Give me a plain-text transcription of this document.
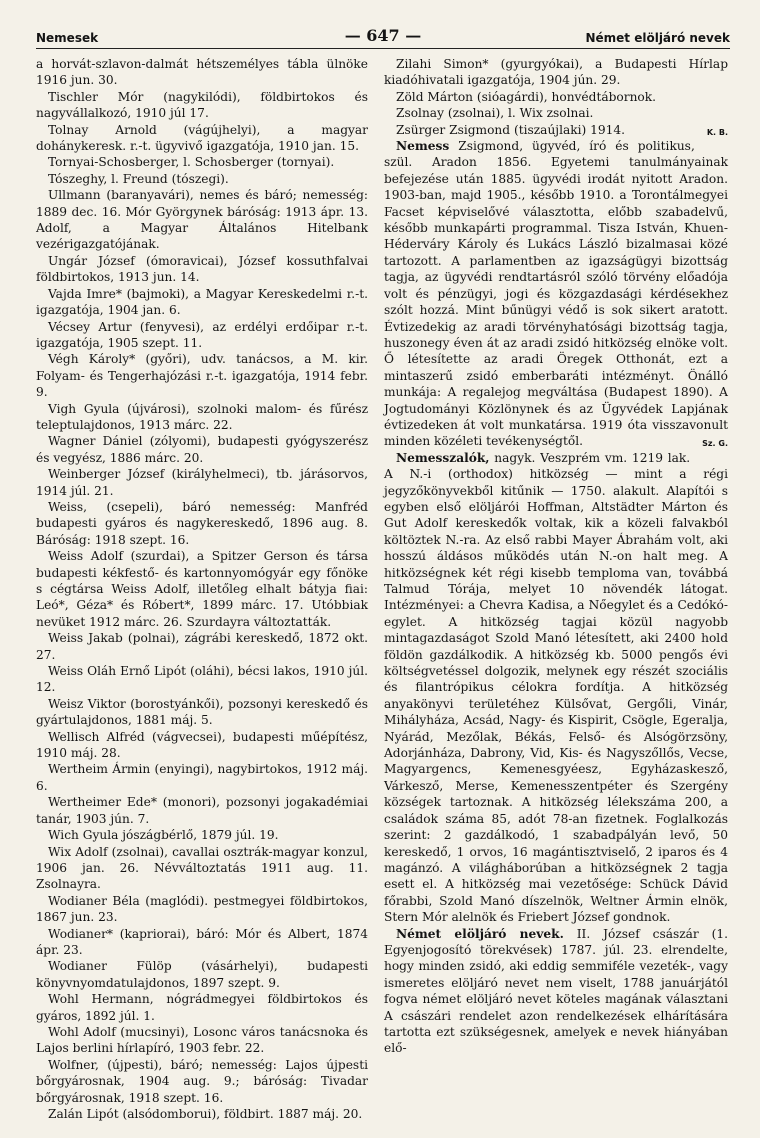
Nemesek	— 647 —	Német elöljáró nevek

a horvát-szlavon-dalmát hétszemélyes tábla ülnöke 1916 jun. 30.

Tischler Mór (nagykilódi), földbirtokos és nagyvállalkozó, 1910 júl 17.

Tolnay Arnold (vágújhelyi), a magyar dohánykeresk. r.-t. ügyvivő igazgatója, 1910 jan. 15.

Tornyai-Schosberger, l. Schosberger (tornyai).

Tószeghy, l. Freund (tószegi).

Ullmann (baranyavári), nemes és báró; nemesség: 1889 dec. 16. Mór Györgynek báróság: 1913 ápr. 13. Adolf, a Magyar Általános Hitelbank vezérigazgatójának.

Ungár József (ómoravicai), József kossuthfalvai földbirtokos, 1913 jun. 14.

Vajda Imre* (bajmoki), a Magyar Kereskedelmi r.-t. igazgatója, 1904 jan. 6.

Vécsey Artur (fenyvesi), az erdélyi erdőipar r.-t. igazgatója, 1905 szept. 11.

Végh Károly* (győri), udv. tanácsos, a M. kir. Folyam- és Tengerhajózási r.-t. igazgatója, 1914 febr. 9.

Vigh Gyula (újvárosi), szolnoki malom- és fűrész teleptulajdonos, 1913 márc. 22.

Wagner Dániel (zólyomi), budapesti gyógyszerész és vegyész, 1886 márc. 20.

Weinberger József (királyhelmeci), tb. járásorvos, 1914 júl. 21.

Weiss, (csepeli), báró nemesség: Manfréd budapesti gyáros és nagykereskedő, 1896 aug. 8. Báróság: 1918 szept. 16.

Weiss Adolf (szurdai), a Spitzer Gerson és társa budapesti kékfestő- és kartonnyomógyár egy főnöke s cégtársa Weiss Adolf, illetőleg elhalt bátyja fiai: Leó*, Géza* és Róbert*, 1899 márc. 17. Utóbbiak nevüket 1912 márc. 26. Szurdayra változtatták.

Weiss Jakab (polnai), zágrábi kereskedő, 1872 okt. 27.

Weiss Oláh Ernő Lipót (oláhi), bécsi lakos, 1910 júl. 12.

Weisz Viktor (borostyánkői), pozsonyi kereskedő és gyártulajdonos, 1881 máj. 5.

Wellisch Alfréd (vágvecsei), budapesti műépítész, 1910 máj. 28.

Wertheim Ármin (enyingi), nagybirtokos, 1912 máj. 6.

Wertheimer Ede* (monori), pozsonyi jogakadémiai tanár, 1903 jún. 7.

Wich Gyula jószágbérlő, 1879 júl. 19.

Wix Adolf (zsolnai), cavallai osztrák-magyar konzul, 1906 jan. 26. Névváltoztatás 1911 aug. 11. Zsolnayra.

Wodianer Béla (maglódi). pestmegyei földbirtokos, 1867 jun. 23.

Wodianer* (kapriorai), báró: Mór és Albert, 1874 ápr. 23.

Wodianer Fülöp (vásárhelyi), budapesti könyvnyomdatulajdonos, 1897 szept. 9.

Wohl Hermann, nógrádmegyei földbirtokos és gyáros, 1892 júl. 1.

Wohl Adolf (mucsinyi), Losonc város tanácsnoka és Lajos berlini hírlapíró, 1903 febr. 22.

Wolfner, (újpesti), báró; nemesség: Lajos újpesti bőrgyárosnak, 1904 aug. 9.; báróság: Tivadar bőrgyárosnak, 1918 szept. 16.

Zalán Lipót (alsódomborui), földbirt. 1887 máj. 20.

Zilahi Simon* (gyurgyókai), a Budapesti Hírlap kiadóhivatali igazgatója, 1904 jún. 29.

Zöld Márton (sióagárdi), honvédtábornok.

Zsolnay (zsolnai), l. Wix zsolnai.

Zsürger Zsigmond (tiszaújlaki) 1914.	K. B.

Nemess Zsigmond, ügyvéd, író és politikus, szül. Aradon 1856. Egyetemi tanulmányainak befejezése után 1885. ügyvédi irodát nyitott Aradon. 1903-ban, majd 1905., később 1910. a Torontálmegyei Facset képviselővé választotta, előbb szabadelvű, később munkapárti programmal. Tisza István, Khuen-Héderváry Károly és Lukács László bizalmasai közé tartozott. A parlamentben az igazságügyi bizottság tagja, az ügyvédi rendtartásról szóló törvény előadója volt és pénzügyi, jogi és közgazdasági kérdésekhez szólt hozzá. Mint bűnügyi védő is sok sikert aratott. Évtizedekig az aradi törvényhatósági bizottság tagja, huszonegy éven át az aradi zsidó hitközség elnöke volt. Ő létesítette az aradi Öregek Otthonát, ezt a mintaszerű zsidó emberbaráti intézményt. Önálló munkája: A regalejog megváltása (Budapest 1890). A Jogtudományi Közlönynek és az Ügyvédek Lapjának évtizedeken át volt munkatársa. 1919 óta visszavonult minden közéleti tevékenységtől.	Sz. G.

Nemesszalók, nagyk. Veszprém vm. 1219 lak. A N.-i (orthodox) hitközség — mint a régi jegyzőkönyvekből kitűnik — 1750. alakult. Alapítói s egyben első elöljárói Hoffman, Altstädter Márton és Gut Adolf kereskedők voltak, kik a közeli falvakból költöztek N.-ra. Az első rabbi Mayer Ábrahám volt, aki hosszú áldásos működés után N.-on halt meg. A hitközségnek két régi kisebb temploma van, továbbá Talmud Tórája, melyet 10 növendék látogat. Intézményei: a Chevra Kadisa, a Nőegylet és a Cedókó-egylet. A hitközség tagjai közül nagyobb mintagazdaságot Szold Manó létesített, aki 2400 hold földön gazdálkodik. A hitközség kb. 5000 pengős évi költségvetéssel dolgozik, melynek egy részét szociális és filantrópikus célokra fordítja. A hitközség anyakönyvi területéhez Külsővat, Gergőli, Vinár, Mihályháza, Acsád, Nagy- és Kispirit, Csögle, Egeralja, Nyárád, Mezőlak, Békás, Felső- és Alsógörzsöny, Adorjánháza, Dabrony, Vid, Kis- és Nagyszőllős, Vecse, Magyargencs, Kemenesgyéesz, Egyházaskesző, Várkesző, Merse, Kemenesszentpéter és Szergény községek tartoznak. A hitközség lélekszáma 200, a családok száma 85, adót 78-an fizetnek. Foglalkozás szerint: 2 gazdálkodó, 1 szabadpályán levő, 50 kereskedő, 1 orvos, 16 magántisztviselő, 2 iparos és 4 magánzó. A világháborúban a hitközségnek 2 tagja esett el. A hitközség mai vezetősége: Schück Dávid főrabbi, Szold Manó díszelnök, Weltner Ármin elnök, Stern Mór alelnök és Friebert József gondnok.

Német elöljáró nevek. II. József császár (1. Egyenjogosító törekvések) 1787. júl. 23. elrendelte, hogy minden zsidó, aki eddig semmiféle vezeték-, vagy ismeretes elöljáró nevet nem viselt, 1788 januárjától fogva német elöljáró nevet köteles magának választani A császári rendelet azon rendelkezések elhárítására tartotta ezt szükségesnek, amelyek e nevek hiányában elő-
